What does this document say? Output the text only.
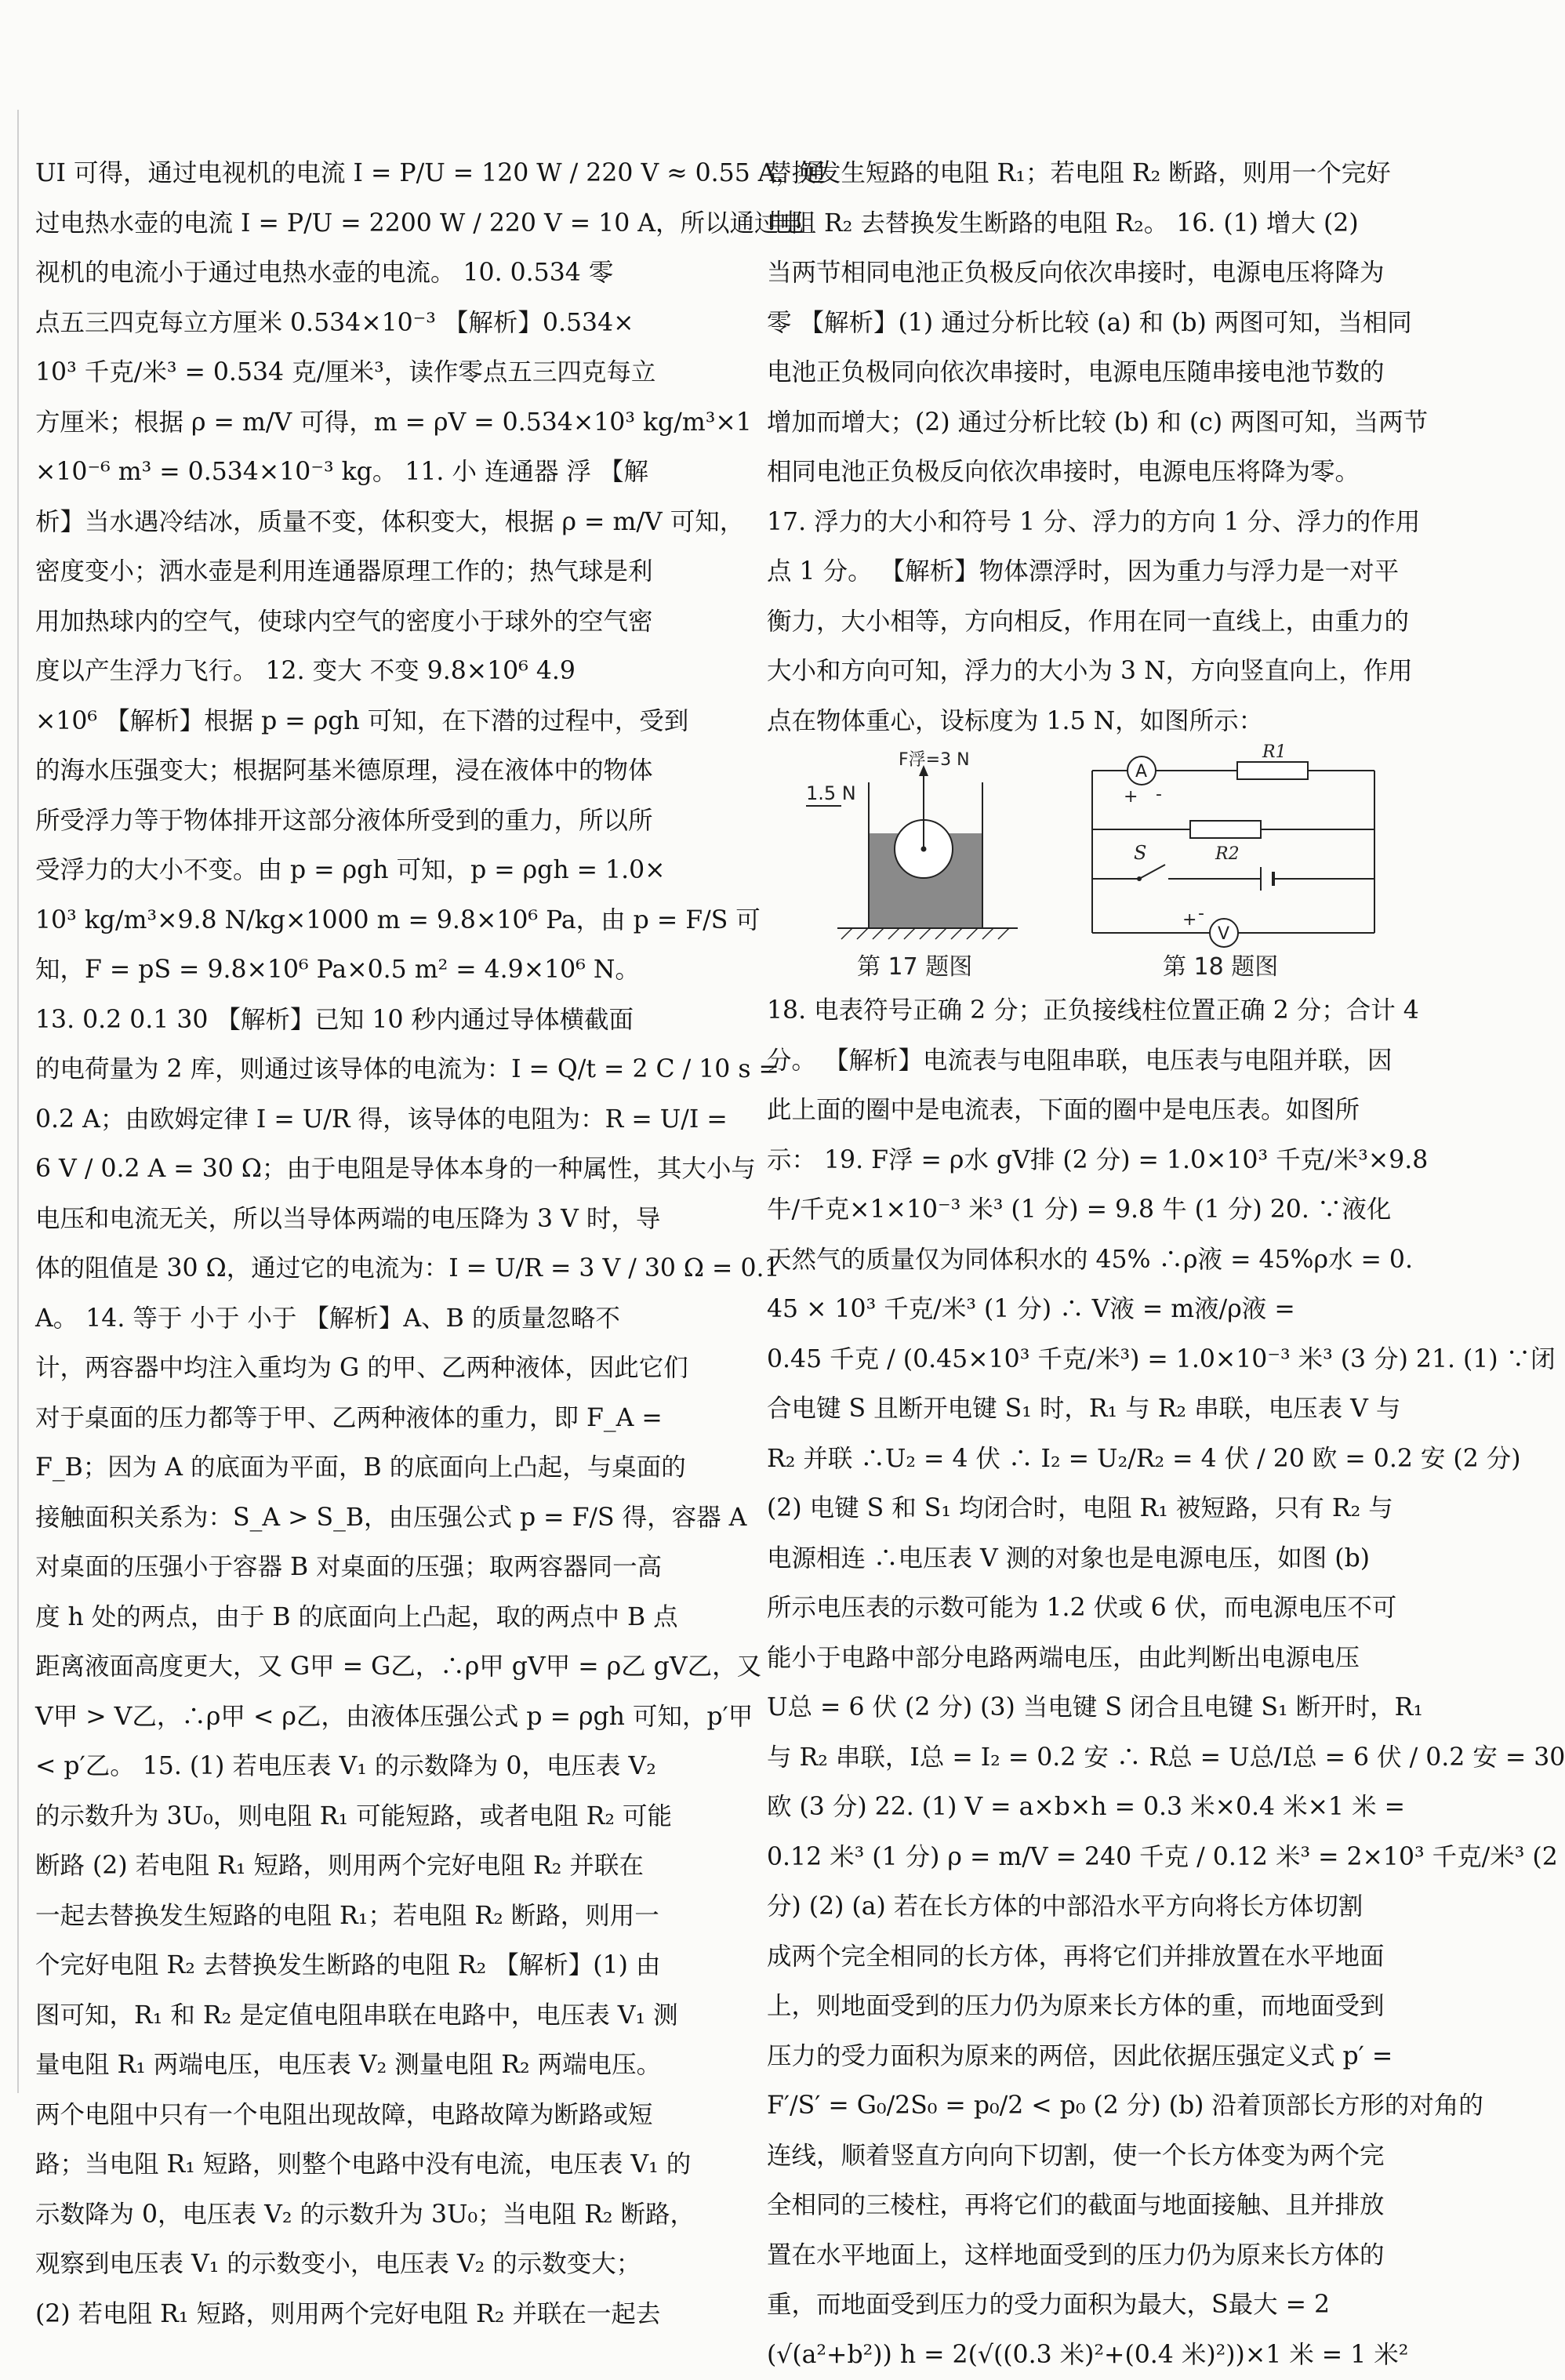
UI 可得，通过电视机的电流 I = P/U = 120 W / 220 V ≈ 0.55 A，通
过电热水壶的电流 I = P/U = 2200 W / 220 V = 10 A，所以通过电
视机的电流小于通过电热水壶的电流。 10. 0.534 零
点五三四克每立方厘米 0.534×10⁻³ 【解析】0.534×
10³ 千克/米³ = 0.534 克/厘米³，读作零点五三四克每立
方厘米；根据 ρ = m/V 可得，m = ρV = 0.534×10³ kg/m³×1
×10⁻⁶ m³ = 0.534×10⁻³ kg。 11. 小 连通器 浮 【解
析】当水遇冷结冰，质量不变，体积变大，根据 ρ = m/V 可知，
密度变小；洒水壶是利用连通器原理工作的；热气球是利
用加热球内的空气，使球内空气的密度小于球外的空气密
度以产生浮力飞行。 12. 变大 不变 9.8×10⁶ 4.9
×10⁶ 【解析】根据 p = ρgh 可知，在下潜的过程中，受到
的海水压强变大；根据阿基米德原理，浸在液体中的物体
所受浮力等于物体排开这部分液体所受到的重力，所以所
受浮力的大小不变。由 p = ρgh 可知，p = ρgh = 1.0×
10³ kg/m³×9.8 N/kg×1000 m = 9.8×10⁶ Pa，由 p = F/S 可
知，F = pS = 9.8×10⁶ Pa×0.5 m² = 4.9×10⁶ N。
13. 0.2 0.1 30 【解析】已知 10 秒内通过导体横截面
的电荷量为 2 库，则通过该导体的电流为：I = Q/t = 2 C / 10 s =
0.2 A；由欧姆定律 I = U/R 得，该导体的电阻为：R = U/I =
6 V / 0.2 A = 30 Ω；由于电阻是导体本身的一种属性，其大小与
电压和电流无关，所以当导体两端的电压降为 3 V 时，导
体的阻值是 30 Ω，通过它的电流为：I = U/R = 3 V / 30 Ω = 0.1
A。 14. 等于 小于 小于 【解析】A、B 的质量忽略不
计，两容器中均注入重均为 G 的甲、乙两种液体，因此它们
对于桌面的压力都等于甲、乙两种液体的重力，即 F_A =
F_B；因为 A 的底面为平面，B 的底面向上凸起，与桌面的
接触面积关系为：S_A > S_B，由压强公式 p = F/S 得，容器 A
对桌面的压强小于容器 B 对桌面的压强；取两容器同一高
度 h 处的两点，由于 B 的底面向上凸起，取的两点中 B 点
距离液面高度更大，又 G甲 = G乙，∴ρ甲 gV甲 = ρ乙 gV乙，又
V甲 > V乙，∴ρ甲 < ρ乙，由液体压强公式 p = ρgh 可知，p′甲
< p′乙。 15. (1) 若电压表 V₁ 的示数降为 0，电压表 V₂
的示数升为 3U₀，则电阻 R₁ 可能短路，或者电阻 R₂ 可能
断路 (2) 若电阻 R₁ 短路，则用两个完好电阻 R₂ 并联在
一起去替换发生短路的电阻 R₁；若电阻 R₂ 断路，则用一
个完好电阻 R₂ 去替换发生断路的电阻 R₂ 【解析】(1) 由
图可知，R₁ 和 R₂ 是定值电阻串联在电路中，电压表 V₁ 测
量电阻 R₁ 两端电压，电压表 V₂ 测量电阻 R₂ 两端电压。
两个电阻中只有一个电阻出现故障，电路故障为断路或短
路；当电阻 R₁ 短路，则整个电路中没有电流，电压表 V₁ 的
示数降为 0，电压表 V₂ 的示数升为 3U₀；当电阻 R₂ 断路，
观察到电压表 V₁ 的示数变小，电压表 V₂ 的示数变大；
(2) 若电阻 R₁ 短路，则用两个完好电阻 R₂ 并联在一起去
替换发生短路的电阻 R₁；若电阻 R₂ 断路，则用一个完好
电阻 R₂ 去替换发生断路的电阻 R₂。 16. (1) 增大 (2)
当两节相同电池正负极反向依次串接时，电源电压将降为
零 【解析】(1) 通过分析比较 (a) 和 (b) 两图可知，当相同
电池正负极同向依次串接时，电源电压随串接电池节数的
增加而增大；(2) 通过分析比较 (b) 和 (c) 两图可知，当两节
相同电池正负极反向依次串接时，电源电压将降为零。
17. 浮力的大小和符号 1 分、浮力的方向 1 分、浮力的作用
点 1 分。 【解析】物体漂浮时，因为重力与浮力是一对平
衡力，大小相等，方向相反，作用在同一直线上，由重力的
大小和方向可知，浮力的大小为 3 N，方向竖直向上，作用
点在物体重心，设标度为 1.5 N，如图所示：
1.5 N
F浮=3 N
第 17 题图
A
+ -
R1
R2
S
V
+ -
第 18 题图
18. 电表符号正确 2 分；正负接线柱位置正确 2 分；合计 4
分。 【解析】电流表与电阻串联，电压表与电阻并联，因
此上面的圈中是电流表，下面的圈中是电压表。如图所
示： 19. F浮 = ρ水 gV排 (2 分) = 1.0×10³ 千克/米³×9.8
牛/千克×1×10⁻³ 米³ (1 分) = 9.8 牛 (1 分) 20. ∵液化
天然气的质量仅为同体积水的 45% ∴ρ液 = 45%ρ水 = 0.
45 × 10³ 千克/米³ (1 分) ∴ V液 = m液/ρ液 =
0.45 千克 / (0.45×10³ 千克/米³) = 1.0×10⁻³ 米³ (3 分) 21. (1) ∵闭
合电键 S 且断开电键 S₁ 时，R₁ 与 R₂ 串联，电压表 V 与
R₂ 并联 ∴U₂ = 4 伏 ∴ I₂ = U₂/R₂ = 4 伏 / 20 欧 = 0.2 安 (2 分)
(2) 电键 S 和 S₁ 均闭合时，电阻 R₁ 被短路，只有 R₂ 与
电源相连 ∴电压表 V 测的对象也是电源电压，如图 (b)
所示电压表的示数可能为 1.2 伏或 6 伏，而电源电压不可
能小于电路中部分电路两端电压，由此判断出电源电压
U总 = 6 伏 (2 分) (3) 当电键 S 闭合且电键 S₁ 断开时，R₁
与 R₂ 串联，I总 = I₂ = 0.2 安 ∴ R总 = U总/I总 = 6 伏 / 0.2 安 = 30
欧 (3 分) 22. (1) V = a×b×h = 0.3 米×0.4 米×1 米 =
0.12 米³ (1 分) ρ = m/V = 240 千克 / 0.12 米³ = 2×10³ 千克/米³ (2
分) (2) (a) 若在长方体的中部沿水平方向将长方体切割
成两个完全相同的长方体，再将它们并排放置在水平地面
上，则地面受到的压力仍为原来长方体的重，而地面受到
压力的受力面积为原来的两倍，因此依据压强定义式 p′ =
F′/S′ = G₀/2S₀ = p₀/2 < p₀ (2 分) (b) 沿着顶部长方形的对角的
连线，顺着竖直方向向下切割，使一个长方体变为两个完
全相同的三棱柱，再将它们的截面与地面接触、且并排放
置在水平地面上，这样地面受到的压力仍为原来长方体的
重，而地面受到压力的受力面积为最大，S最大 = 2
(√(a²+b²)) h = 2(√((0.3 米)²+(0.4 米)²))×1 米 = 1 米²
